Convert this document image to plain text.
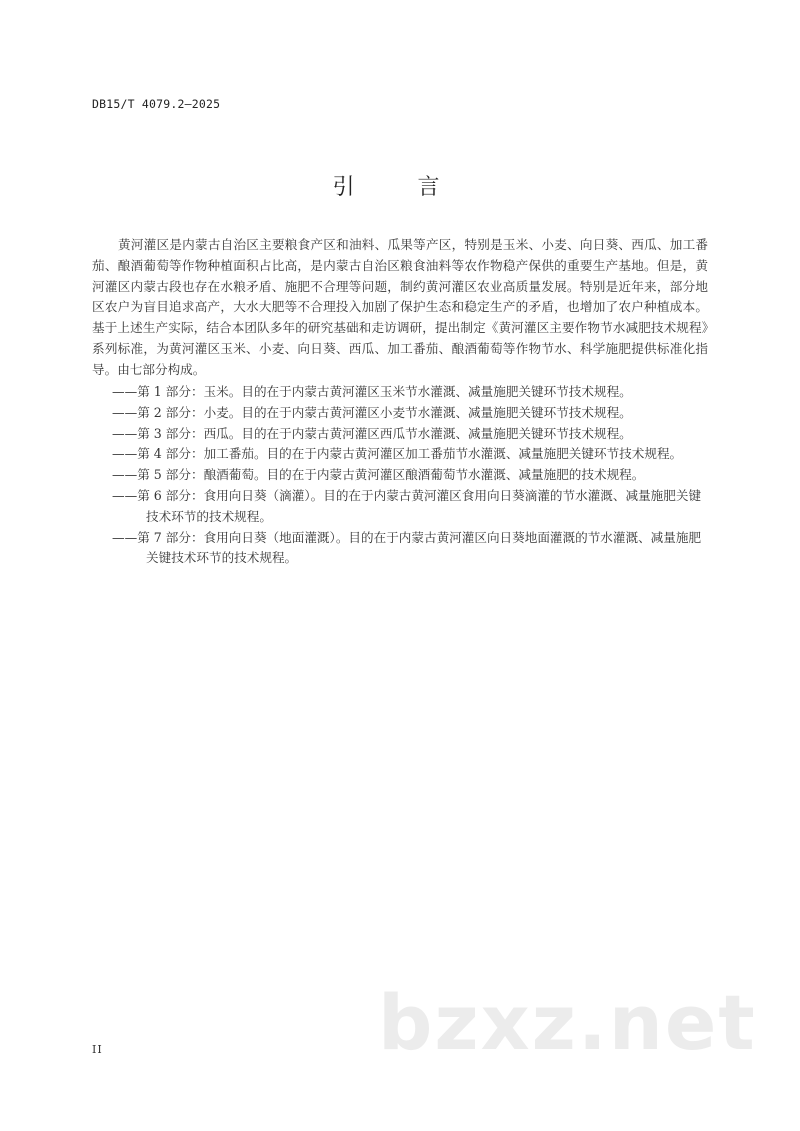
DB15/T 4079.2—2025
引 言

黄河灌区是内蒙古自治区主要粮食产区和油料、瓜果等产区，特别是玉米、小麦、向日葵、西瓜、加工番茄、酿酒葡萄等作物种植面积占比高，是内蒙古自治区粮食油料等农作物稳产保供的重要生产基地。但是，黄河灌区内蒙古段也存在水粮矛盾、施肥不合理等问题，制约黄河灌区农业高质量发展。特别是近年来，部分地区农户为盲目追求高产，大水大肥等不合理投入加剧了保护生态和稳定生产的矛盾，也增加了农户种植成本。基于上述生产实际，结合本团队多年的研究基础和走访调研，提出制定《黄河灌区主要作物节水减肥技术规程》系列标准，为黄河灌区玉米、小麦、向日葵、西瓜、加工番茄、酿酒葡萄等作物节水、科学施肥提供标准化指导。由七部分构成。

——第 1 部分：玉米。目的在于内蒙古黄河灌区玉米节水灌溉、减量施肥关键环节技术规程。
——第 2 部分：小麦。目的在于内蒙古黄河灌区小麦节水灌溉、减量施肥关键环节技术规程。
——第 3 部分：西瓜。目的在于内蒙古黄河灌区西瓜节水灌溉、减量施肥关键环节技术规程。
——第 4 部分：加工番茄。目的在于内蒙古黄河灌区加工番茄节水灌溉、减量施肥关键环节技术规程。
——第 5 部分：酿酒葡萄。目的在于内蒙古黄河灌区酿酒葡萄节水灌溉、减量施肥的技术规程。
——第 6 部分：食用向日葵（滴灌）。目的在于内蒙古黄河灌区食用向日葵滴灌的节水灌溉、减量施肥关键技术环节的技术规程。
——第 7 部分：食用向日葵（地面灌溉）。目的在于内蒙古黄河灌区向日葵地面灌溉的节水灌溉、减量施肥关键技术环节的技术规程。
II	bzxz.net
